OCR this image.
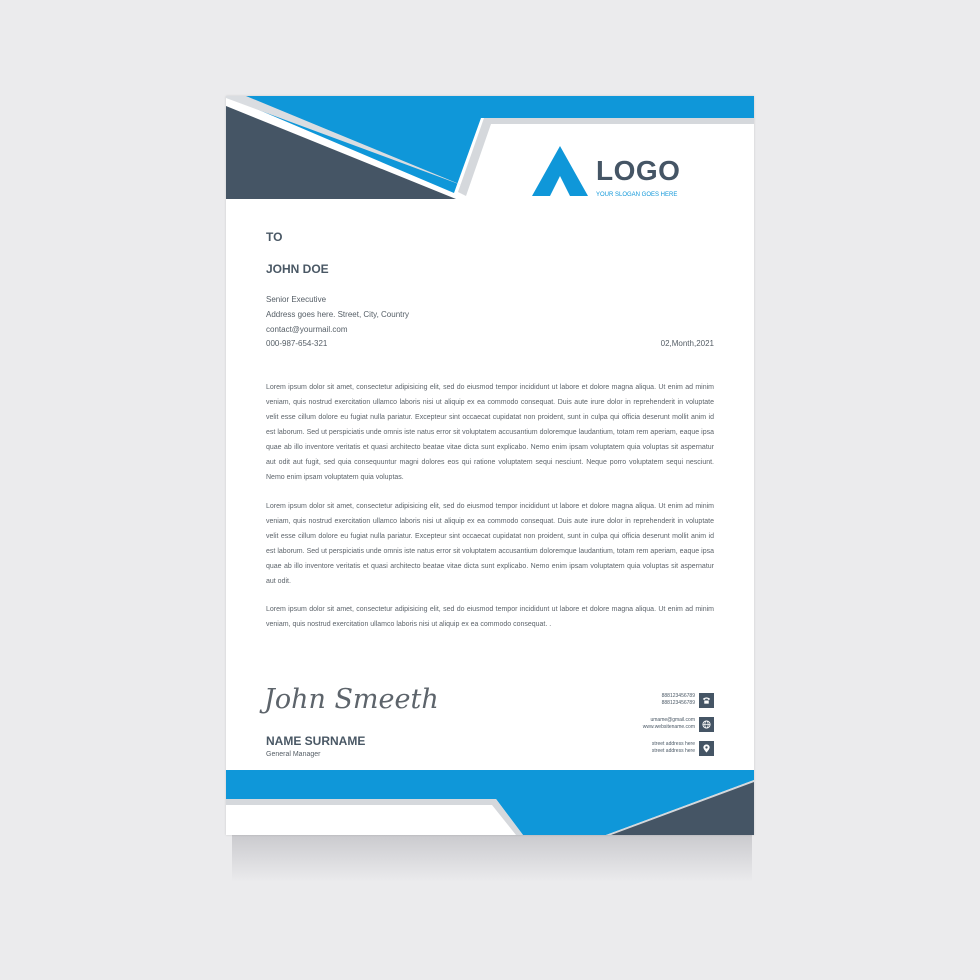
LOGO
YOUR SLOGAN GOES HERE
TO
JOHN DOE
Senior Executive
Address goes here. Street, City, Country
contact@yourmail.com
000-987-654-321	02,Month,2021

Lorem ipsum dolor sit amet, consectetur adipisicing elit, sed do eiusmod tempor incididunt ut labore et dolore magna aliqua. Ut enim ad minim veniam, quis nostrud exercitation ullamco laboris nisi ut aliquip ex ea commodo consequat. Duis aute irure dolor in reprehenderit in voluptate velit esse cillum dolore eu fugiat nulla pariatur. Excepteur sint occaecat cupidatat non proident, sunt in culpa qui officia deserunt mollit anim id est laborum. Sed ut perspiciatis unde omnis iste natus error sit voluptatem accusantium doloremque laudantium, totam rem aperiam, eaque ipsa quae ab illo inventore veritatis et quasi architecto beatae vitae dicta sunt explicabo. Nemo enim ipsam voluptatem quia voluptas sit aspernatur aut odit aut fugit, sed quia consequuntur magni dolores eos qui ratione voluptatem sequi nesciunt. Neque porro voluptatem sequi nesciunt. Nemo enim ipsam voluptatem quia voluptas.

Lorem ipsum dolor sit amet, consectetur adipisicing elit, sed do eiusmod tempor incididunt ut labore et dolore magna aliqua. Ut enim ad minim veniam, quis nostrud exercitation ullamco laboris nisi ut aliquip ex ea commodo consequat. Duis aute irure dolor in reprehenderit in voluptate velit esse cillum dolore eu fugiat nulla pariatur. Excepteur sint occaecat cupidatat non proident, sunt in culpa qui officia deserunt mollit anim id est laborum. Sed ut perspiciatis unde omnis iste natus error sit voluptatem accusantium doloremque laudantium, totam rem aperiam, eaque ipsa quae ab illo inventore veritatis et quasi architecto beatae vitae dicta sunt explicabo. Nemo enim ipsam voluptatem quia voluptas sit aspernatur aut odit.

Lorem ipsum dolor sit amet, consectetur adipisicing elit, sed do eiusmod tempor incididunt ut labore et dolore magna aliqua. Ut enim ad minim veniam, quis nostrud exercitation ullamco laboris nisi ut aliquip ex ea commodo consequat. .

John Smeeth
NAME SURNAME
General Manager
888123456789
888123456789
umame@gmail.com
www.websitename.com
street address here
street address here
